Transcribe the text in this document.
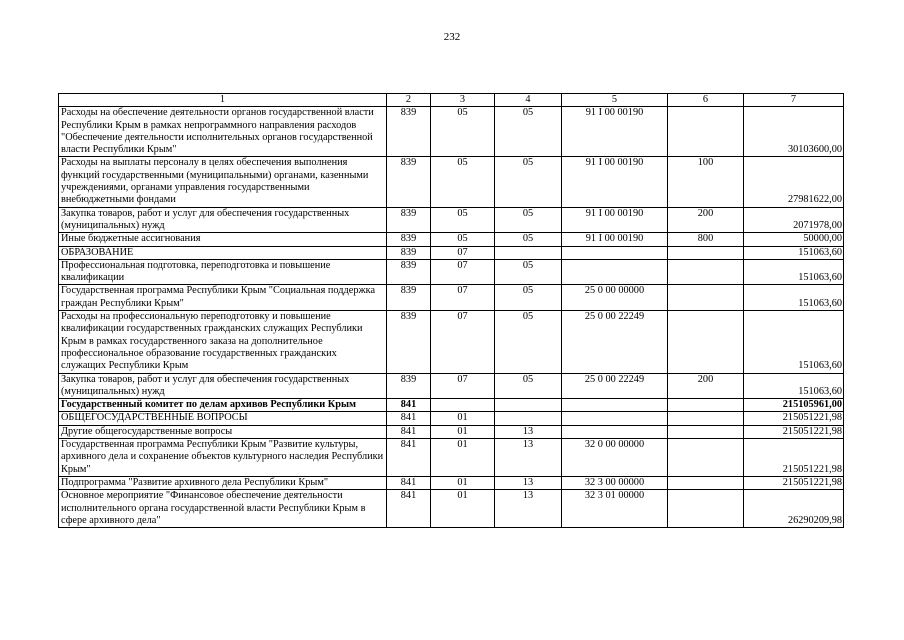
232
1	2	3	4	5	6	7
Расходы на обеспечение деятельности органов государственной власти Республики Крым в рамках непрограммного направления расходов "Обеспечение деятельности исполнительных органов государственной власти Республики Крым"	839	05	05	91 I 00 00190		30103600,00
Расходы на выплаты персоналу в целях обеспечения выполнения функций государственными (муниципальными) органами, казенными учреждениями, органами управления государственными внебюджетными фондами	839	05	05	91 I 00 00190	100	27981622,00
Закупка товаров, работ и услуг для обеспечения государственных (муниципальных) нужд	839	05	05	91 I 00 00190	200	2071978,00
Иные бюджетные ассигнования	839	05	05	91 I 00 00190	800	50000,00
ОБРАЗОВАНИЕ	839	07				151063,60
Профессиональная подготовка, переподготовка и повышение квалификации	839	07	05			151063,60
Государственная программа Республики Крым "Социальная поддержка граждан Республики Крым"	839	07	05	25 0 00 00000		151063,60
Расходы на профессиональную переподготовку и повышение квалификации государственных гражданских служащих Республики Крым в рамках государственного заказа на дополнительное профессиональное образование государственных гражданских служащих Республики Крым	839	07	05	25 0 00 22249		151063,60
Закупка товаров, работ и услуг для обеспечения государственных (муниципальных) нужд	839	07	05	25 0 00 22249	200	151063,60
Государственный комитет по делам архивов Республики Крым	841					215105961,00
ОБЩЕГОСУДАРСТВЕННЫЕ ВОПРОСЫ	841	01				215051221,98
Другие общегосударственные вопросы	841	01	13			215051221,98
Государственная программа Республики Крым "Развитие культуры, архивного дела и сохранение объектов культурного наследия Республики Крым"	841	01	13	32 0 00 00000		215051221,98
Подпрограмма "Развитие архивного дела Республики Крым"	841	01	13	32 3 00 00000		215051221,98
Основное мероприятие "Финансовое обеспечение деятельности исполнительного органа государственной власти Республики Крым в сфере архивного дела"	841	01	13	32 3 01 00000		26290209,98
